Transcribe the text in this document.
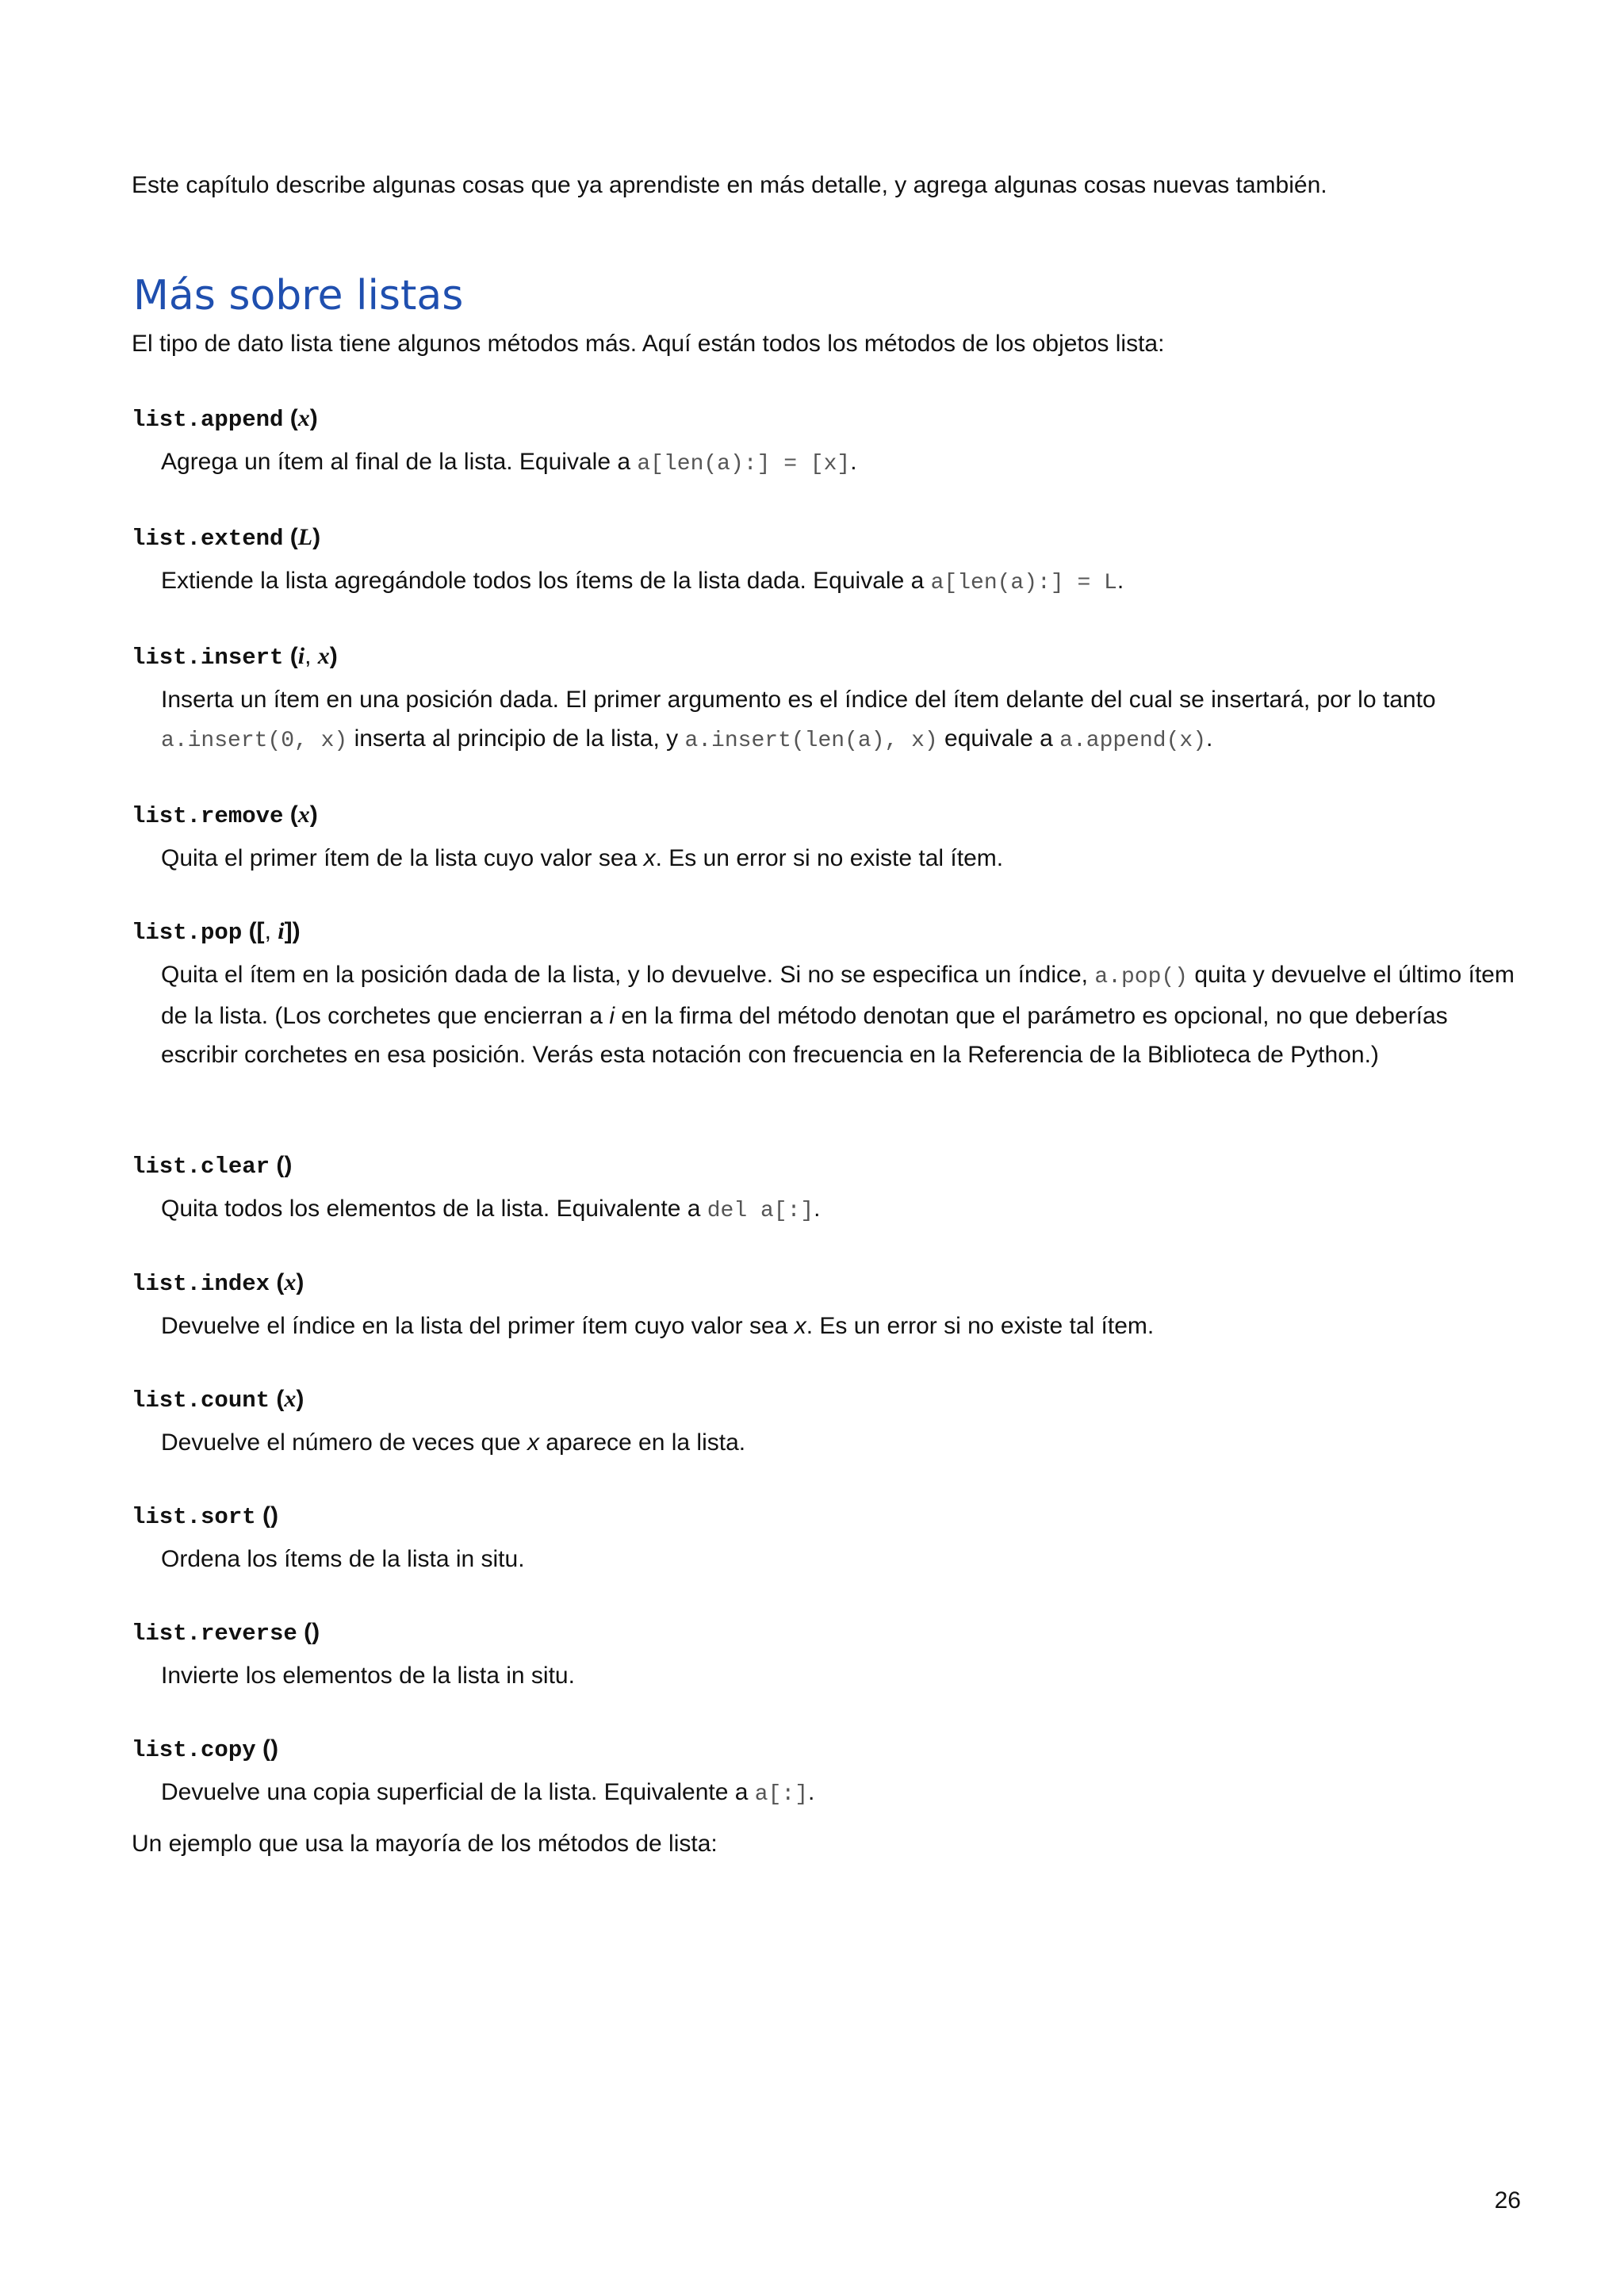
Este capítulo describe algunas cosas que ya aprendiste en más detalle, y agrega algunas cosas nuevas también.

Más sobre listas

El tipo de dato lista tiene algunos métodos más. Aquí están todos los métodos de los objetos lista:

list.append (x)
Agrega un ítem al final de la lista. Equivale a a[len(a):] = [x].
list.extend (L)
Extiende la lista agregándole todos los ítems de la lista dada. Equivale a a[len(a):] = L.
list.insert (i, x)
Inserta un ítem en una posición dada. El primer argumento es el índice del ítem delante del cual se insertará, por lo tanto a.insert(0, x) inserta al principio de la lista, y a.insert(len(a), x) equivale a a.append(x).
list.remove (x)
Quita el primer ítem de la lista cuyo valor sea x. Es un error si no existe tal ítem.
list.pop ([, i])
Quita el ítem en la posición dada de la lista, y lo devuelve. Si no se especifica un índice, a.pop() quita y devuelve el último ítem de la lista. (Los corchetes que encierran a i en la firma del método denotan que el parámetro es opcional, no que deberías escribir corchetes en esa posición. Verás esta notación con frecuencia en la Referencia de la Biblioteca de Python.)
list.clear ()
Quita todos los elementos de la lista. Equivalente a del a[:].
list.index (x)
Devuelve el índice en la lista del primer ítem cuyo valor sea x. Es un error si no existe tal ítem.
list.count (x)
Devuelve el número de veces que x aparece en la lista.
list.sort ()
Ordena los ítems de la lista in situ.
list.reverse ()
Invierte los elementos de la lista in situ.
list.copy ()
Devuelve una copia superficial de la lista. Equivalente a a[:].

Un ejemplo que usa la mayoría de los métodos de lista:

26
